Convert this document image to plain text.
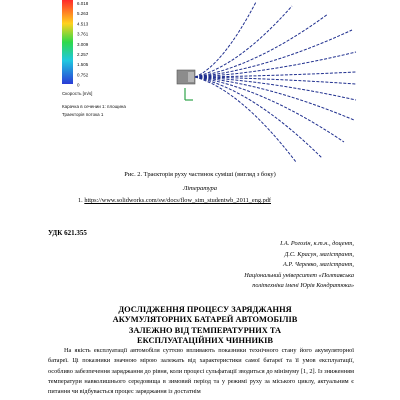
6.018
5.263
4.513
3.761
3.009
2.257
1.505
0.752
0
Скорость [m/s]
Карачка в сечении 1: площина
Траекторія потока 1
Рис. 2. Траєкторія руху частинок суміші (вигляд з боку)
Література
1. https://www.solidworks.com/sw/docs/flow_sim_studentwb_2011_eng.pdf
УДК 621.355
І.А. Рогозін, к.т.н., доцент,
Д.С. Красун, магістрант,
А.Р. Черевко, магістрант,
Національний університет «Полтавська
політехніка імені Юрія Кондратюка»
ДОСЛІДЖЕННЯ ПРОЦЕСУ ЗАРЯДЖАННЯ
АКУМУЛЯТОРНИХ БАТАРЕЙ АВТОМОБІЛІВ
ЗАЛЕЖНО ВІД ТЕМПЕРАТУРНИХ ТА
ЕКСПЛУАТАЦІЙНИХ ЧИННИКІВ
На якість експлуатації автомобіля суттєво впливають показники технічного стану його акумуляторної батареї. Ці показники значною мірою залежать від характеристики самої батареї та її умов експлуатації, особливо забезпечення заряджання до рівня, коли процесі сульфатації зводиться до мінімуму [1, 2]. Із зниженням температури навколишнього середовища в зимовий період та у режимі руху за міського циклу, актуальним є питання чи відбувається процес заряджання із достатнім
